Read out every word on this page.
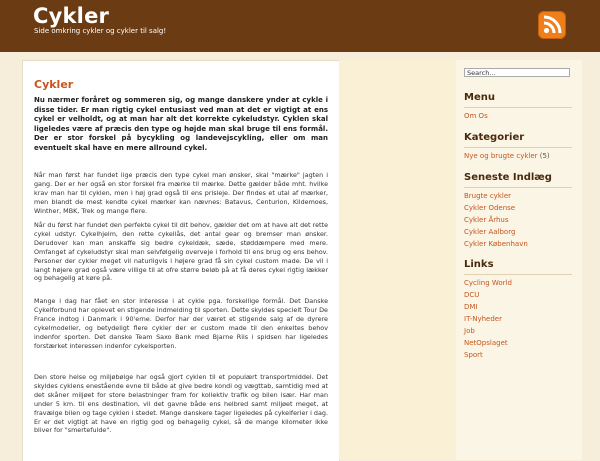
Cykler
Side omkring cykler og cykler til salg!
Cykler

Nu nærmer foråret og sommeren sig, og mange danskere ynder at cykle i disse tider. Er man rigtig cykel entusiast ved man at det er vigtigt at ens cykel er velholdt, og at man har alt det korrekte cykeludstyr. Cyklen skal ligeledes være af præcis den type og højde man skal bruge til ens formål. Der er stor forskel på bycykling og landevejscykling, eller om man eventuelt skal have en mere allround cykel.

Når man først har fundet lige præcis den type cykel man ønsker, skal "mærke" jagten i gang. Der er her også en stor forskel fra mærke til mærke. Dette gælder både mht. hvilke krav man har til cyklen, men i høj grad også til ens prisleje. Der findes et utal af mærker, men blandt de mest kendte cykel mærker kan nævnes: Batavus, Centurion, Kildemoes, Winther, MBK, Trek og mange flere.

Når du først har fundet den perfekte cykel til dit behov, gælder det om at have alt det rette cykel udstyr. Cykelhjelm, den rette cykellås, det antal gear og bremser man ønsker. Derudover kan man anskaffe sig bedre cykeldæk, sæde, støddæmpere med mere. Omfanget af cykeludstyr skal man selvfølgelig overveje i forhold til ens brug og ens behov. Personer der cykler meget vil naturligvis i højere grad få sin cykel custom made. De vil i langt højere grad også være villige til at ofre større beløb på at få deres cykel rigtig lækker og behagelig at køre på.

Mange i dag har fået en stor interesse i at cykle pga. forskellige formål. Det Danske Cykelforbund har oplevet en stigende indmelding til sporten. Dette skyldes specielt Tour De France indtog i Danmark i 90'erne. Derfor har der været et stigende salg af de dyrere cykelmodeller, og betydeligt flere cykler der er custom made til den enkeltes behov indenfor sporten. Det danske Team Saxo Bank med Bjarne Riis i spidsen har ligeledes forstærket interessen indenfor cykelsporten.

Den store helse og miljøbølge har også gjort cyklen til et populært transportmiddel. Det skyldes cyklens enestående evne til både at give bedre kondi og vægttab, samtidig med at det skåner miljøet for store belastninger fram for kollektiv trafik og bilen især. Har man under 5 km. til ens destination, vil det gavne både ens helbred samt miljøet meget, at fravælge bilen og tage cyklen i stedet. Mange danskere tager ligeledes på cykelferier i dag. Er er det vigtigt at have en rigtig god og behagelig cykel, så de mange kilometer ikke bliver for "smertefulde".

Search...
Menu
Om Os
Kategorier
Nye og brugte cykler (5)
Seneste Indlæg
Brugte cykler
Cykler Odense
Cykler Århus
Cykler Aalborg
Cykler København
Links
Cycling World
DCU
DMI
IT-Nyheder
Job
NetOpslaget
Sport
